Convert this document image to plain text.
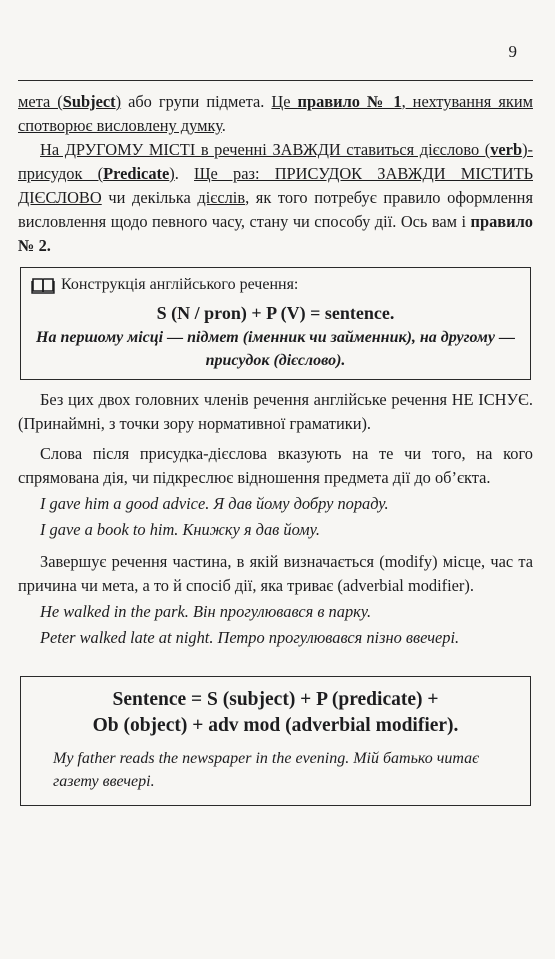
9

мета (Subject) або групи підмета. Це правило № 1, нехтування яким спотворює висловлену думку.

На ДРУГОМУ МІСТІ в реченні ЗАВЖДИ ставиться дієслово (verb)-присудок (Predicate). Ще раз: ПРИСУДОК ЗАВЖДИ МІСТИТЬ ДІЄСЛОВО чи декілька дієслів, як того потребує правило оформлення висловлення щодо певного часу, стану чи способу дії. Ось вам і правило № 2.

Конструкція англійського речення:
S (N / pron) + P (V) = sentence.
На першому місці — підмет (іменник чи займенник), на другому — присудок (дієслово).

Без цих двох головних членів речення англійське речення НЕ ІСНУЄ. (Принаймні, з точки зору нормативної граматики).

Слова після присудка-дієслова вказують на те чи того, на кого спрямована дія, чи підкреслює відношення предмета дії до об’єкта.

I gave him a good advice. Я дав йому добру пораду.
I gave a book to him. Книжку я дав йому.

Завершує речення частина, в якій визначається (modify) місце, час та причина чи мета, а то й спосіб дії, яка триває (adverbial modifier).

He walked in the park. Він прогулювався в парку.
Peter walked late at night. Петро прогулювався пізно ввечері.
Sentence = S (subject) + P (predicate) +
Ob (object) + adv mod (adverbial modifier).
My father reads the newspaper in the evening. Мій батько читає газету ввечері.
